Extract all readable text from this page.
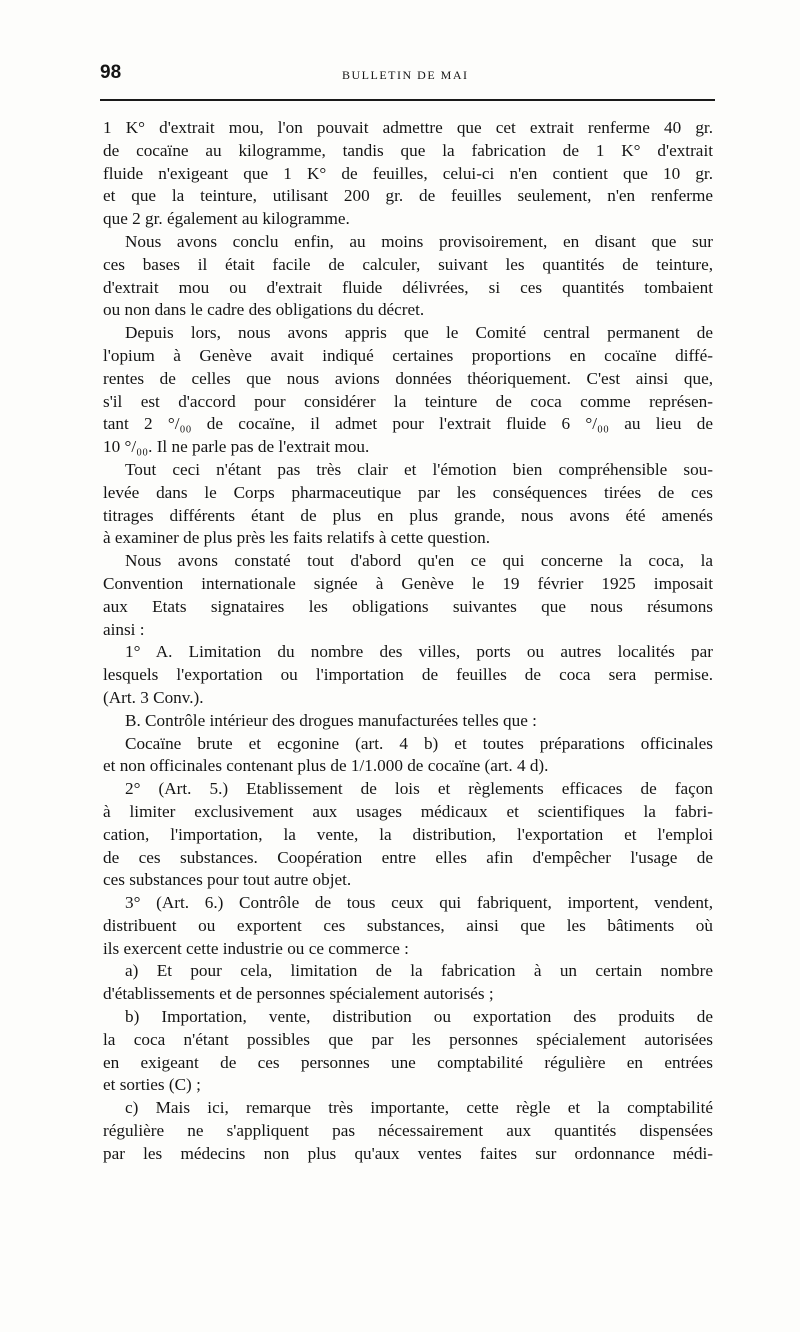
98	BULLETIN DE MAI
1 K° d'extrait mou, l'on pouvait admettre que cet extrait renferme 40 gr.
de cocaïne au kilogramme, tandis que la fabrication de 1 K° d'extrait
fluide n'exigeant que 1 K° de feuilles, celui-ci n'en contient que 10 gr.
et que la teinture, utilisant 200 gr. de feuilles seulement, n'en renferme
que 2 gr. également au kilogramme.
Nous avons conclu enfin, au moins provisoirement, en disant que sur
ces bases il était facile de calculer, suivant les quantités de teinture,
d'extrait mou ou d'extrait fluide délivrées, si ces quantités tombaient
ou non dans le cadre des obligations du décret.
Depuis lors, nous avons appris que le Comité central permanent de
l'opium à Genève avait indiqué certaines proportions en cocaïne diffé-
rentes de celles que nous avions données théoriquement. C'est ainsi que,
s'il est d'accord pour considérer la teinture de coca comme représen-
tant 2 °/₀₀ de cocaïne, il admet pour l'extrait fluide 6 °/₀₀ au lieu de
10 °/₀₀. Il ne parle pas de l'extrait mou.
Tout ceci n'étant pas très clair et l'émotion bien compréhensible sou-
levée dans le Corps pharmaceutique par les conséquences tirées de ces
titrages différents étant de plus en plus grande, nous avons été amenés
à examiner de plus près les faits relatifs à cette question.
Nous avons constaté tout d'abord qu'en ce qui concerne la coca, la
Convention internationale signée à Genève le 19 février 1925 imposait
aux Etats signataires les obligations suivantes que nous résumons
ainsi :
1° A. Limitation du nombre des villes, ports ou autres localités par
lesquels l'exportation ou l'importation de feuilles de coca sera permise.
(Art. 3 Conv.).
B. Contrôle intérieur des drogues manufacturées telles que :
Cocaïne brute et ecgonine (art. 4 b) et toutes préparations officinales
et non officinales contenant plus de 1/1.000 de cocaïne (art. 4 d).
2° (Art. 5.) Etablissement de lois et règlements efficaces de façon
à limiter exclusivement aux usages médicaux et scientifiques la fabri-
cation, l'importation, la vente, la distribution, l'exportation et l'emploi
de ces substances. Coopération entre elles afin d'empêcher l'usage de
ces substances pour tout autre objet.
3° (Art. 6.) Contrôle de tous ceux qui fabriquent, importent, vendent,
distribuent ou exportent ces substances, ainsi que les bâtiments où
ils exercent cette industrie ou ce commerce :
a) Et pour cela, limitation de la fabrication à un certain nombre
d'établissements et de personnes spécialement autorisés ;
b) Importation, vente, distribution ou exportation des produits de
la coca n'étant possibles que par les personnes spécialement autorisées
en exigeant de ces personnes une comptabilité régulière en entrées
et sorties (C) ;
c) Mais ici, remarque très importante, cette règle et la comptabilité
régulière ne s'appliquent pas nécessairement aux quantités dispensées
par les médecins non plus qu'aux ventes faites sur ordonnance médi-
